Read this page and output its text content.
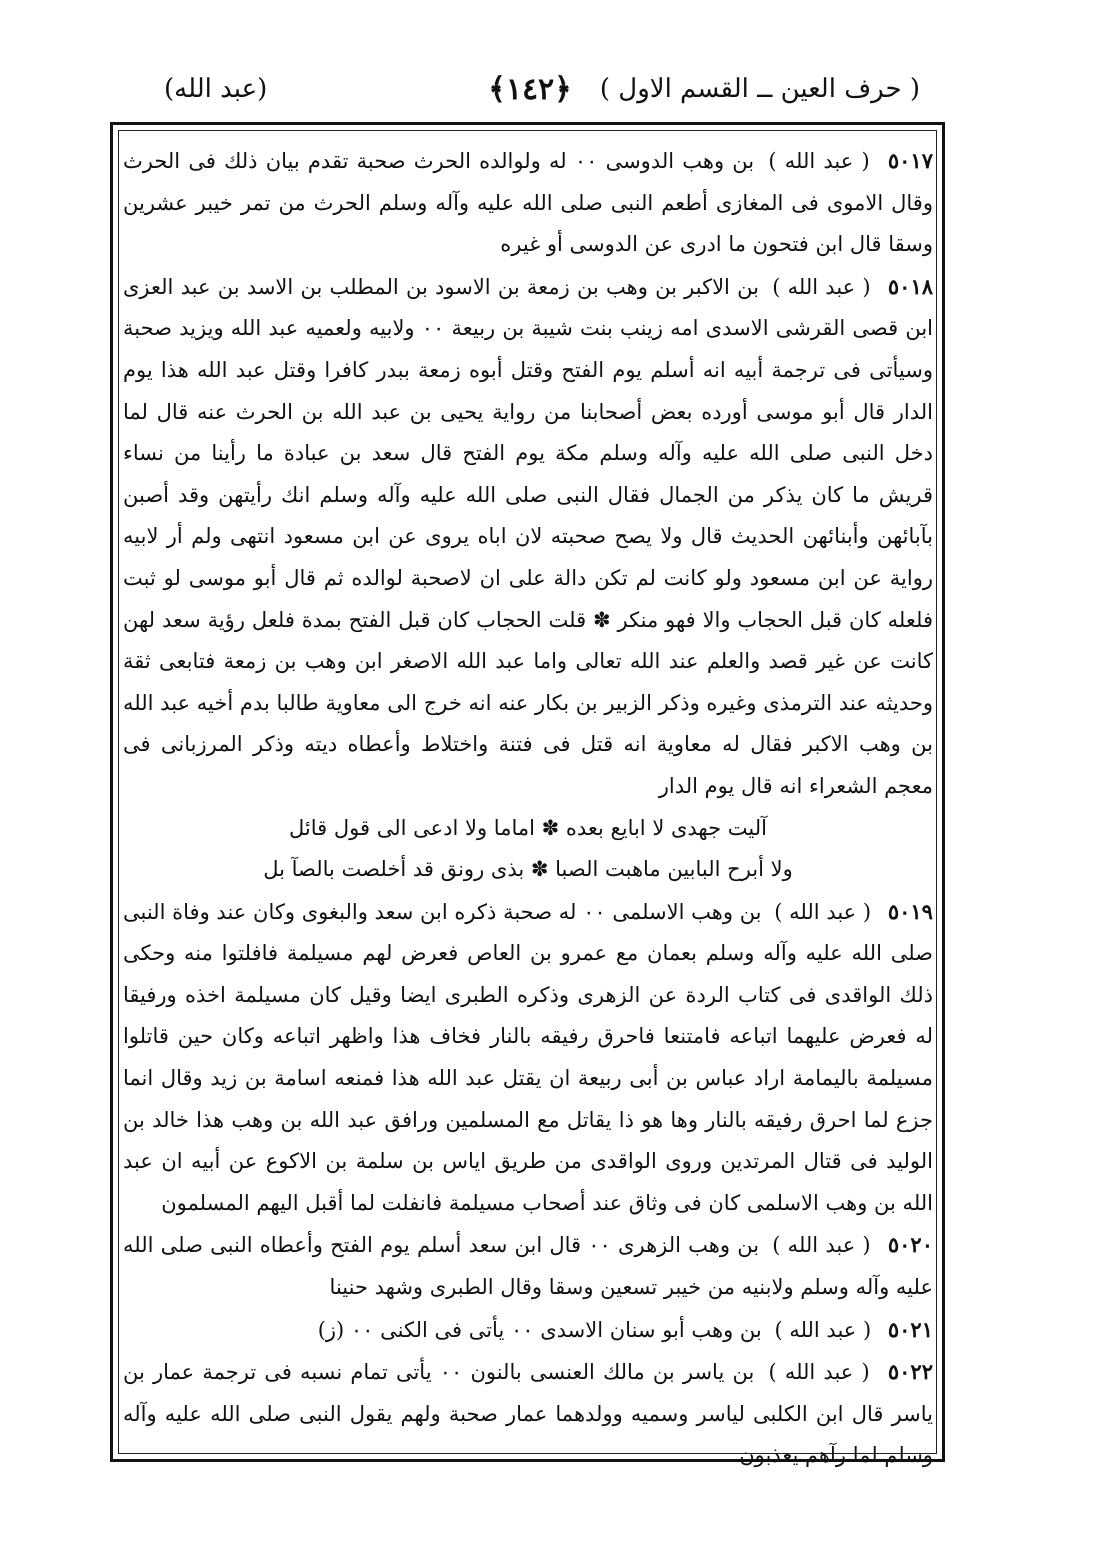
( حرف العين ــ القسم الاول )
﴿١٤٢﴾
(عبد الله)

٥٠١٧ ( عبد الله ) بن وهب الدوسى ٠٠ له ولوالده الحرث صحبة تقدم بيان ذلك فى الحرث وقال الاموى فى المغازى أطعم النبى صلى الله عليه وآله وسلم الحرث من تمر خيبر عشرين وسقا قال ابن فتحون ما ادرى عن الدوسى أو غيره

٥٠١٨ ( عبد الله ) بن الاكبر بن وهب بن زمعة بن الاسود بن المطلب بن الاسد بن عبد العزى ابن قصى القرشى الاسدى امه زينب بنت شيبة بن ربيعة ٠٠ ولابيه ولعميه عبد الله ويزيد صحبة وسيأتى فى ترجمة أبيه انه أسلم يوم الفتح وقتل أبوه زمعة ببدر كافرا وقتل عبد الله هذا يوم الدار قال أبو موسى أورده بعض أصحابنا من رواية يحيى بن عبد الله بن الحرث عنه قال لما دخل النبى صلى الله عليه وآله وسلم مكة يوم الفتح قال سعد بن عبادة ما رأينا من نساء قريش ما كان يذكر من الجمال فقال النبى صلى الله عليه وآله وسلم انك رأيتهن وقد أصبن بآبائهن وأبنائهن الحديث قال ولا يصح صحبته لان اباه يروى عن ابن مسعود انتهى ولم أر لابيه رواية عن ابن مسعود ولو كانت لم تكن دالة على ان لاصحبة لوالده ثم قال أبو موسى لو ثبت فلعله كان قبل الحجاب والا فهو منكر ✽ قلت الحجاب كان قبل الفتح بمدة فلعل رؤية سعد لهن كانت عن غير قصد والعلم عند الله تعالى واما عبد الله الاصغر ابن وهب بن زمعة فتابعى ثقة وحديثه عند الترمذى وغيره وذكر الزبير بن بكار عنه انه خرج الى معاوية طالبا بدم أخيه عبد الله بن وهب الاكبر فقال له معاوية انه قتل فى فتنة واختلاط وأعطاه ديته وذكر المرزبانى فى معجم الشعراء انه قال يوم الدار

آليت جهدى لا ابايع بعده ✽ اماما ولا ادعى الى قول قائل
ولا أبرح البابين ماهبت الصبا ✽ بذى رونق قد أخلصت بالصآ بل

٥٠١٩ ( عبد الله ) بن وهب الاسلمى ٠٠ له صحبة ذكره ابن سعد والبغوى وكان عند وفاة النبى صلى الله عليه وآله وسلم بعمان مع عمرو بن العاص فعرض لهم مسيلمة فافلتوا منه وحكى ذلك الواقدى فى كتاب الردة عن الزهرى وذكره الطبرى ايضا وقيل كان مسيلمة اخذه ورفيقا له فعرض عليهما اتباعه فامتنعا فاحرق رفيقه بالنار فخاف هذا واظهر اتباعه وكان حين قاتلوا مسيلمة باليمامة اراد عباس بن أبى ربيعة ان يقتل عبد الله هذا فمنعه اسامة بن زيد وقال انما جزع لما احرق رفيقه بالنار وها هو ذا يقاتل مع المسلمين ورافق عبد الله بن وهب هذا خالد بن الوليد فى قتال المرتدين وروى الواقدى من طريق اياس بن سلمة بن الاكوع عن أبيه ان عبد الله بن وهب الاسلمى كان فى وثاق عند أصحاب مسيلمة فانفلت لما أقبل اليهم المسلمون

٥٠٢٠ ( عبد الله ) بن وهب الزهرى ٠٠ قال ابن سعد أسلم يوم الفتح وأعطاه النبى صلى الله عليه وآله وسلم ولابنيه من خيبر تسعين وسقا وقال الطبرى وشهد حنينا

٥٠٢١ ( عبد الله ) بن وهب أبو سنان الاسدى ٠٠ يأتى فى الكنى ٠٠ (ز)

٥٠٢٢ ( عبد الله ) بن ياسر بن مالك العنسى بالنون ٠٠ يأتى تمام نسبه فى ترجمة عمار بن ياسر قال ابن الكلبى لياسر وسميه وولدهما عمار صحبة ولهم يقول النبى صلى الله عليه وآله وسلم لما رآهم يعذبون
